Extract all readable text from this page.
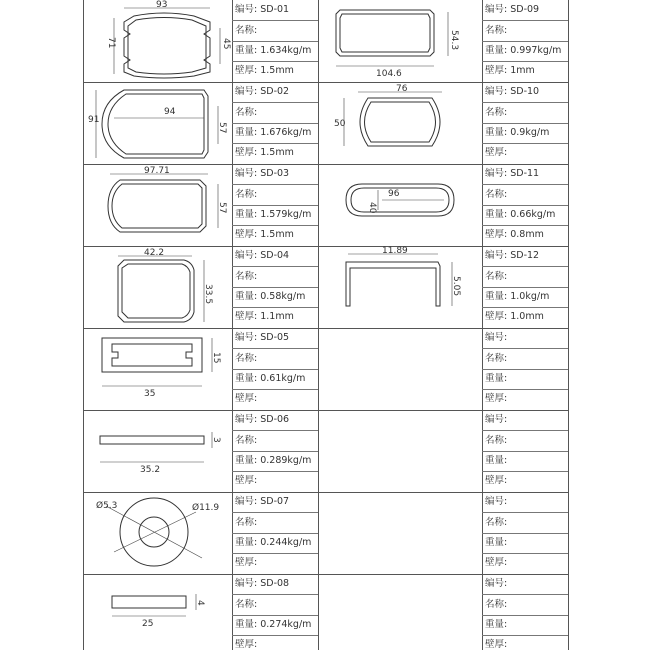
93
71	45
编号: SD-01
名称:
重量: 1.634kg/m
壁厚: 1.5mm
54.3
104.6
编号: SD-09
名称:
重量: 0.997kg/m
壁厚: 1mm
94
91
57
编号: SD-02
名称:
重量: 1.676kg/m
壁厚: 1.5mm
76
50
编号: SD-10
名称:
重量: 0.9kg/m
壁厚:
97.71
57
编号: SD-03
名称:
重量: 1.579kg/m
壁厚: 1.5mm
40
96
编号: SD-11
名称:
重量: 0.66kg/m
壁厚: 0.8mm
42.2
33.5
编号: SD-04
名称:
重量: 0.58kg/m
壁厚: 1.1mm
11.89
5.05
编号: SD-12
名称:
重量: 1.0kg/m
壁厚: 1.0mm
15
35
编号: SD-05
名称:
重量: 0.61kg/m
壁厚:
编号:
名称:
重量:
壁厚:
3
35.2
编号: SD-06
名称:
重量: 0.289kg/m
壁厚:
编号:
名称:
重量:
壁厚:
Ø5.3	Ø11.9
编号: SD-07
名称:
重量: 0.244kg/m
壁厚:
编号:
名称:
重量:
壁厚:
4
25
编号: SD-08
名称:
重量: 0.274kg/m
壁厚:
编号:
名称:
重量:
壁厚:
